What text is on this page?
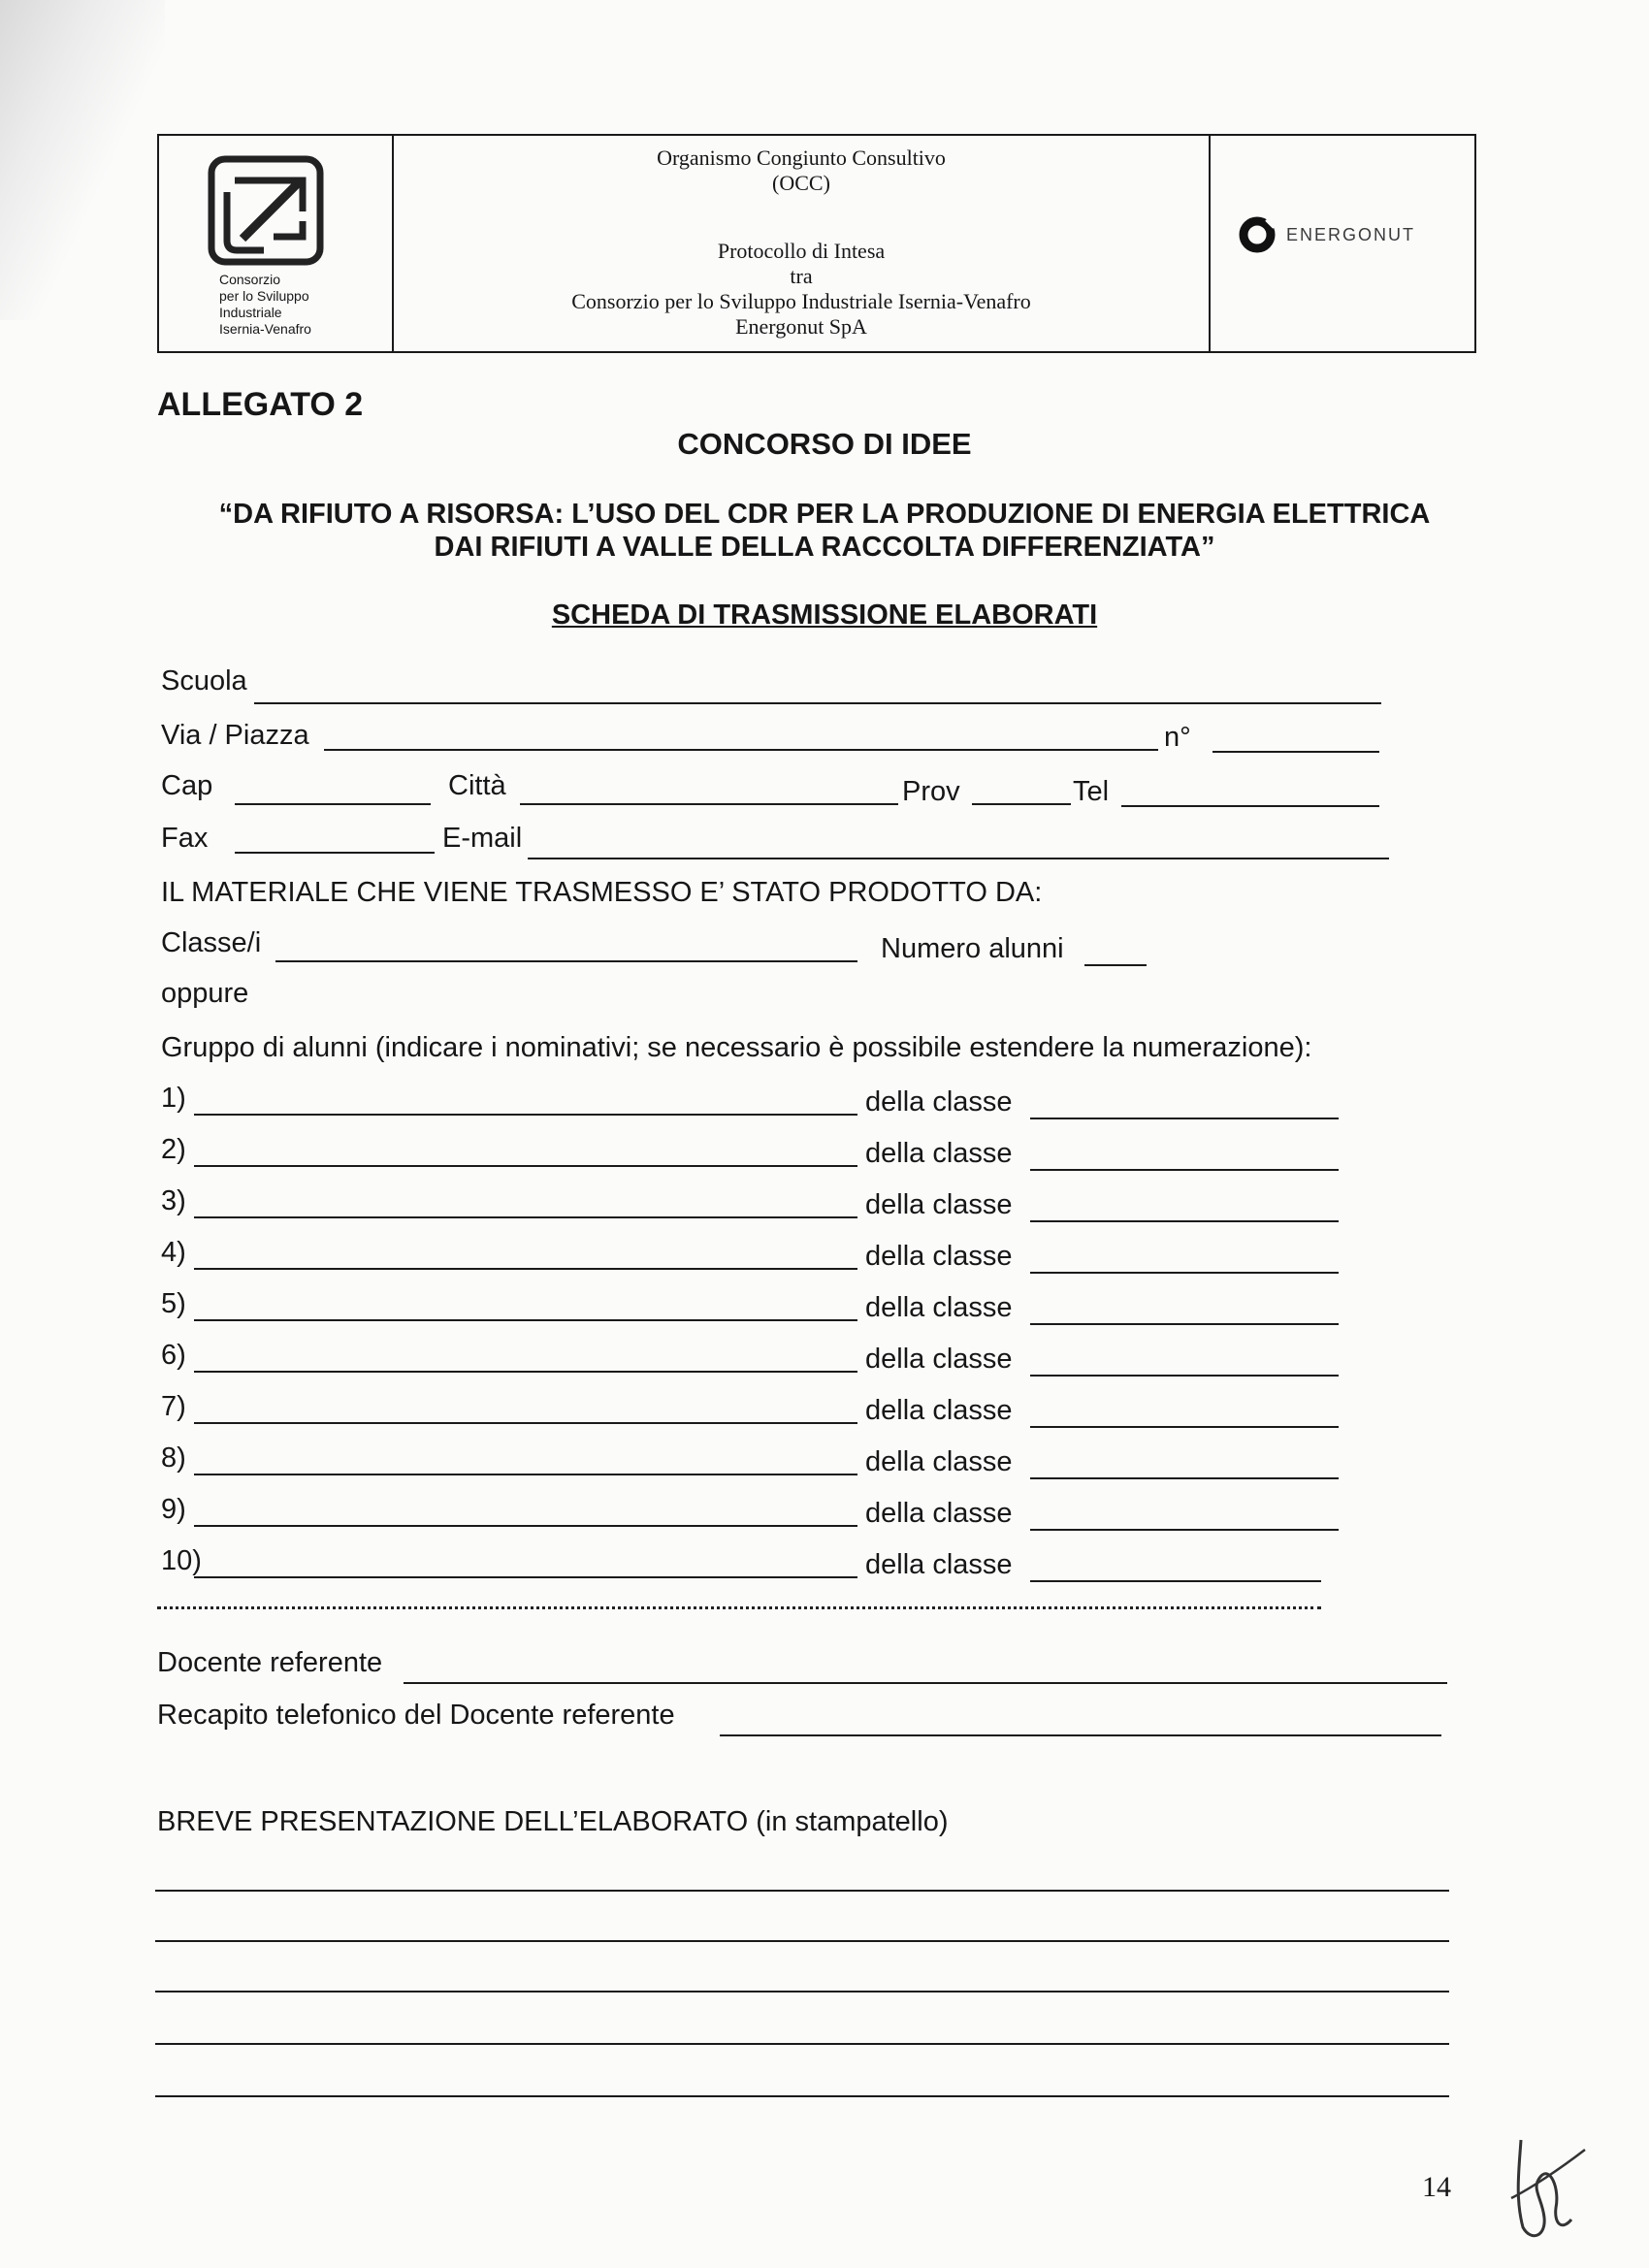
Consorzio
per lo Sviluppo
Industriale
Isernia-Venafro
Organismo Congiunto Consultivo
(OCC)
Protocollo di Intesa
tra
Consorzio per lo Sviluppo Industriale Isernia-Venafro
Energonut SpA
ENERGONUT
ALLEGATO 2
CONCORSO DI IDEE
“DA RIFIUTO A RISORSA: L’USO DEL CDR PER LA PRODUZIONE DI ENERGIA ELETTRICA
DAI RIFIUTI A VALLE DELLA RACCOLTA DIFFERENZIATA”
SCHEDA DI TRASMISSIONE ELABORATI
Scuola
Via / Piazza	n°
Cap	Città	Prov	Tel
Fax	E-mail
IL MATERIALE CHE VIENE TRASMESSO E’ STATO PRODOTTO DA:
Classe/i	Numero alunni
oppure
Gruppo di alunni (indicare i nominativi; se necessario è possibile estendere la numerazione):
1)	della classe
2)	della classe
3)	della classe
4)	della classe
5)	della classe
6)	della classe
7)	della classe
8)	della classe
9)	della classe
10)	della classe
Docente referente
Recapito telefonico del Docente referente
BREVE PRESENTAZIONE DELL’ELABORATO (in stampatello)
14
